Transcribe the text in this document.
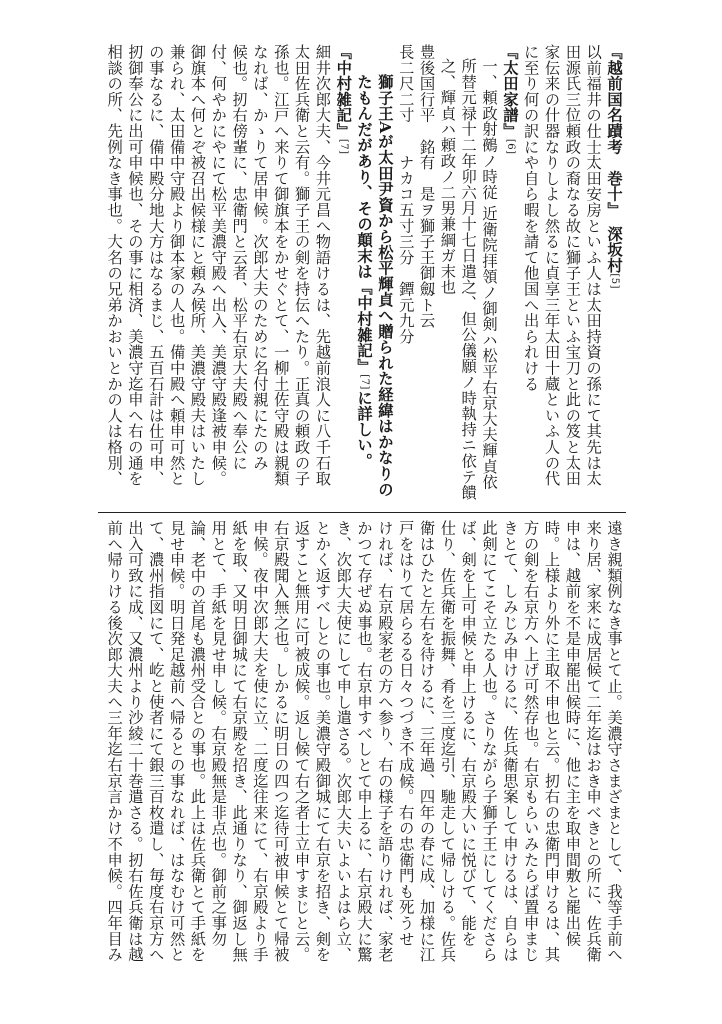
『越前国名蹟考　巻十』　深坂村[5]
以前福井の仕士太田安房といふ人は太田持資の孫にて其先は太
田源氏三位頼政の裔なる故に獅子王といふ宝刀と此の笈と太田
家伝来の什器なりしよし然るに貞享三年太田十蔵といふ人の代
に至り何の訳にや自ら暇を請て他国へ出られける
『太田家譜』[6]
一、頼政射鵺ノ時従 近衛院拝領ノ御剣ハ松平右京大夫輝貞依
所替元禄十二年卯六月十七日遣之、但公儀願ノ時執持ニ依テ饋
之、輝貞ハ頼政ノ二男兼綱ガ末也
豊後国行平　銘有　是ヲ獅子王御劔ト云
長二尺二寸　　ナカコ五寸三分　鐔元九分
獅子王Aが太田尹資から松平輝貞へ贈られた経緯はかなりの
たもんだがあり、その顛末は『中村雑記』[7]に詳しい。
『中村雑記』[7]
細井次郎大夫、今井元昌へ物語けるは、先越前浪人に八千石取
太田佐兵衛と云有。獅子王の剣を持伝へたり。正真の頼政の子
孫也。江戸へ来りて御旗本をかせぐとて、一柳土佐守殿は親類
なれば、かゝりて居申候。次郎大夫のために名付親にたのみ
候也。扨右傍輩に、忠衛門と云者、松平右京大夫殿へ奉公に
付、何やかにやにて松平美濃守殿へ出入、美濃守殿逢被申候。
御旗本へ何とぞ被召出候様にと頼み候所、美濃守殿夫はいたし
兼られ、太田備中守殿より御本家の人也。備中殿へ頼申可然と
の事なるに、備中殿分地大方はなるまじ、五百石計は仕可申、
扨御奉公に出可申候也、その事に相済、美濃守迄申へ右の通を
相談の所、先例なき事也。大名の兄弟かおいとかの人は格別、
遠き親類例なき事とて止。美濃守さまざまとして、我等手前へ
来り居、家来に成居候て二年迄はおき申べきとの所に、佐兵衛
申は、越前を不是申罷出候時に、他に主を取申間敷と罷出候
時。上様より外に主取不申也と云。扨右の忠衛門申けるは、其
方の剣を右京方へ上げ可然存也。右京もらいみたらば置申まじ
きとて、しみじみ申けるに、佐兵衛思案して申けるは、自らは
此剣にてこそ立たる人也。さりながら子獅子王にしてくださら
ば、剣を上可申候と申上けるに、右京殿大いに悦びて、能を
仕り、佐兵衛を振舞、肴を三度迄引、馳走して帰しける。佐兵
衛はひたと左右を待けるに、三年過、四年の春に成、加様に江
戸をはりて居らるる日々つづき不成候。右の忠衛門も死うせ
ければ、右京殿家老の方へ参り、右の様子を語りければ、家老
かつて存ぜぬ事也。右京申すべしとて申上るに、右京殿大に驚
き、次郎大夫使にして申し遣さる。次郎大夫いよいよはら立、
とかく返すべしとの事也。美濃守殿御城にて右京を招き、剣を
返すこと無用に可被成候。返し候て右之者士立申すまじと云。
右京殿聞入無之也。しかるに明日の四つ迄待可被申候とて帰被
申候。夜中次郎大夫を使に立、二度迄往来にて、右京殿より手
紙を取、又明日御城にて右京殿を招き、此通りなり、御返し無
用とて、手紙を見せ申し候。右京殿無是非点也。御前之事勿
論、老中の首尾も濃州受合との事也。此上は佐兵衛とて手紙を
見せ申候。明日発足越前へ帰るとの事なれば、はなむけ可然と
て、濃州指図にて、屹と使者にて銀三百枚遣し、毎度右京方へ
出入可致に成、又濃州より沙綾二十巻遣さる。扨右佐兵衛は越
前へ帰りける後次郎大夫へ三年迄右京言かけ不申候。四年目み
